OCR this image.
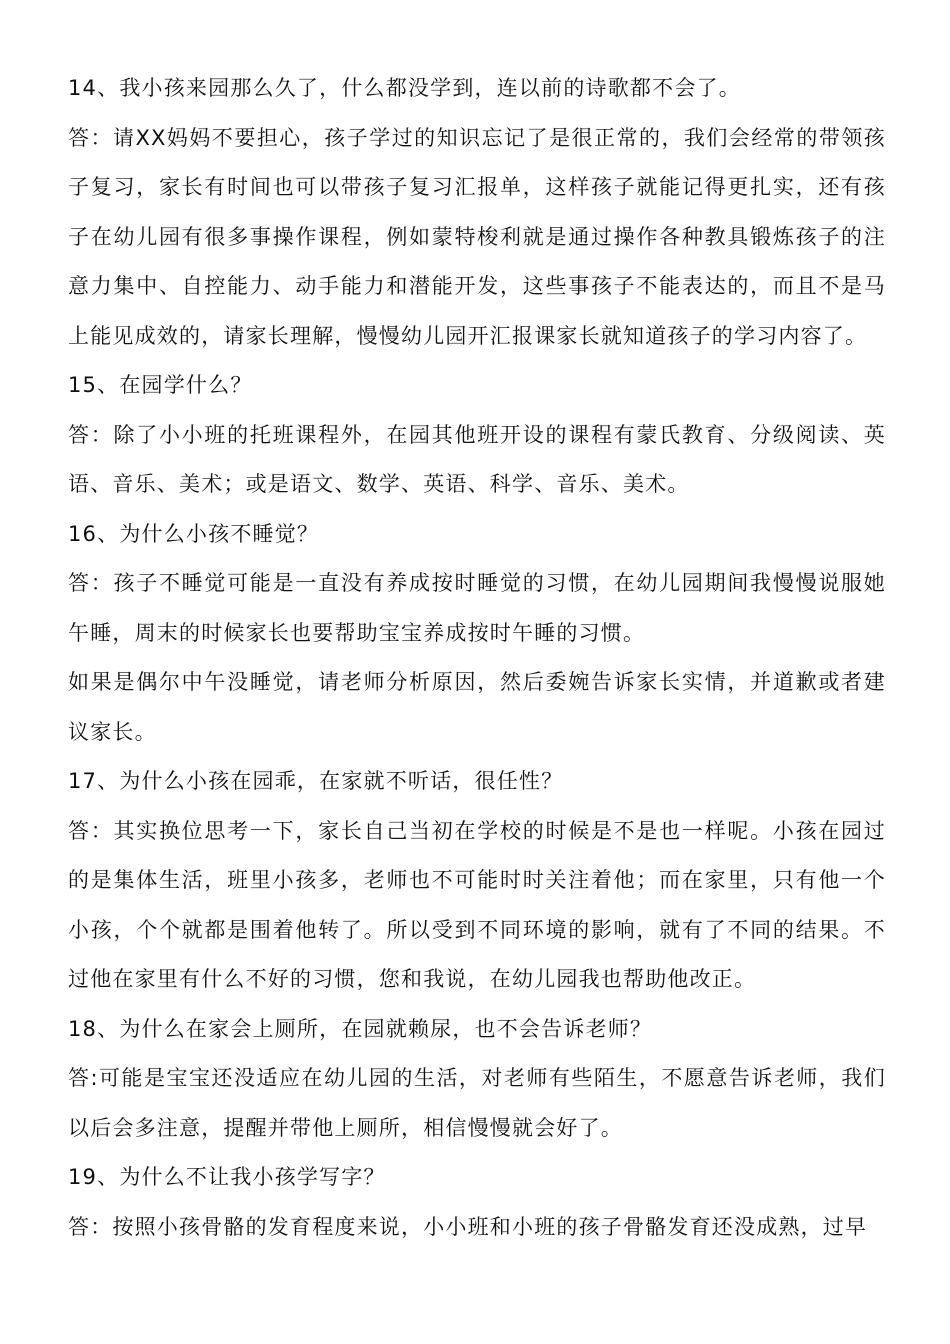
14、我小孩来园那么久了，什么都没学到，连以前的诗歌都不会了。

答：请XX妈妈不要担心，孩子学过的知识忘记了是很正常的，我们会经常的带领孩子复习，家长有时间也可以带孩子复习汇报单，这样孩子就能记得更扎实，还有孩子在幼儿园有很多事操作课程，例如蒙特梭利就是通过操作各种教具锻炼孩子的注意力集中、自控能力、动手能力和潜能开发，这些事孩子不能表达的，而且不是马上能见成效的，请家长理解，慢慢幼儿园开汇报课家长就知道孩子的学习内容了。

15、在园学什么？

答：除了小小班的托班课程外，在园其他班开设的课程有蒙氏教育、分级阅读、英语、音乐、美术；或是语文、数学、英语、科学、音乐、美术。

16、为什么小孩不睡觉？

答：孩子不睡觉可能是一直没有养成按时睡觉的习惯，在幼儿园期间我慢慢说服她午睡，周末的时候家长也要帮助宝宝养成按时午睡的习惯。

如果是偶尔中午没睡觉，请老师分析原因，然后委婉告诉家长实情，并道歉或者建议家长。

17、为什么小孩在园乖，在家就不听话，很任性？

答：其实换位思考一下，家长自己当初在学校的时候是不是也一样呢。小孩在园过的是集体生活，班里小孩多，老师也不可能时时关注着他；而在家里，只有他一个小孩，个个就都是围着他转了。所以受到不同环境的影响，就有了不同的结果。不过他在家里有什么不好的习惯，您和我说，在幼儿园我也帮助他改正。

18、为什么在家会上厕所，在园就赖尿，也不会告诉老师？

答:可能是宝宝还没适应在幼儿园的生活，对老师有些陌生，不愿意告诉老师，我们以后会多注意，提醒并带他上厕所，相信慢慢就会好了。

19、为什么不让我小孩学写字？

答：按照小孩骨骼的发育程度来说，小小班和小班的孩子骨骼发育还没成熟，过早
